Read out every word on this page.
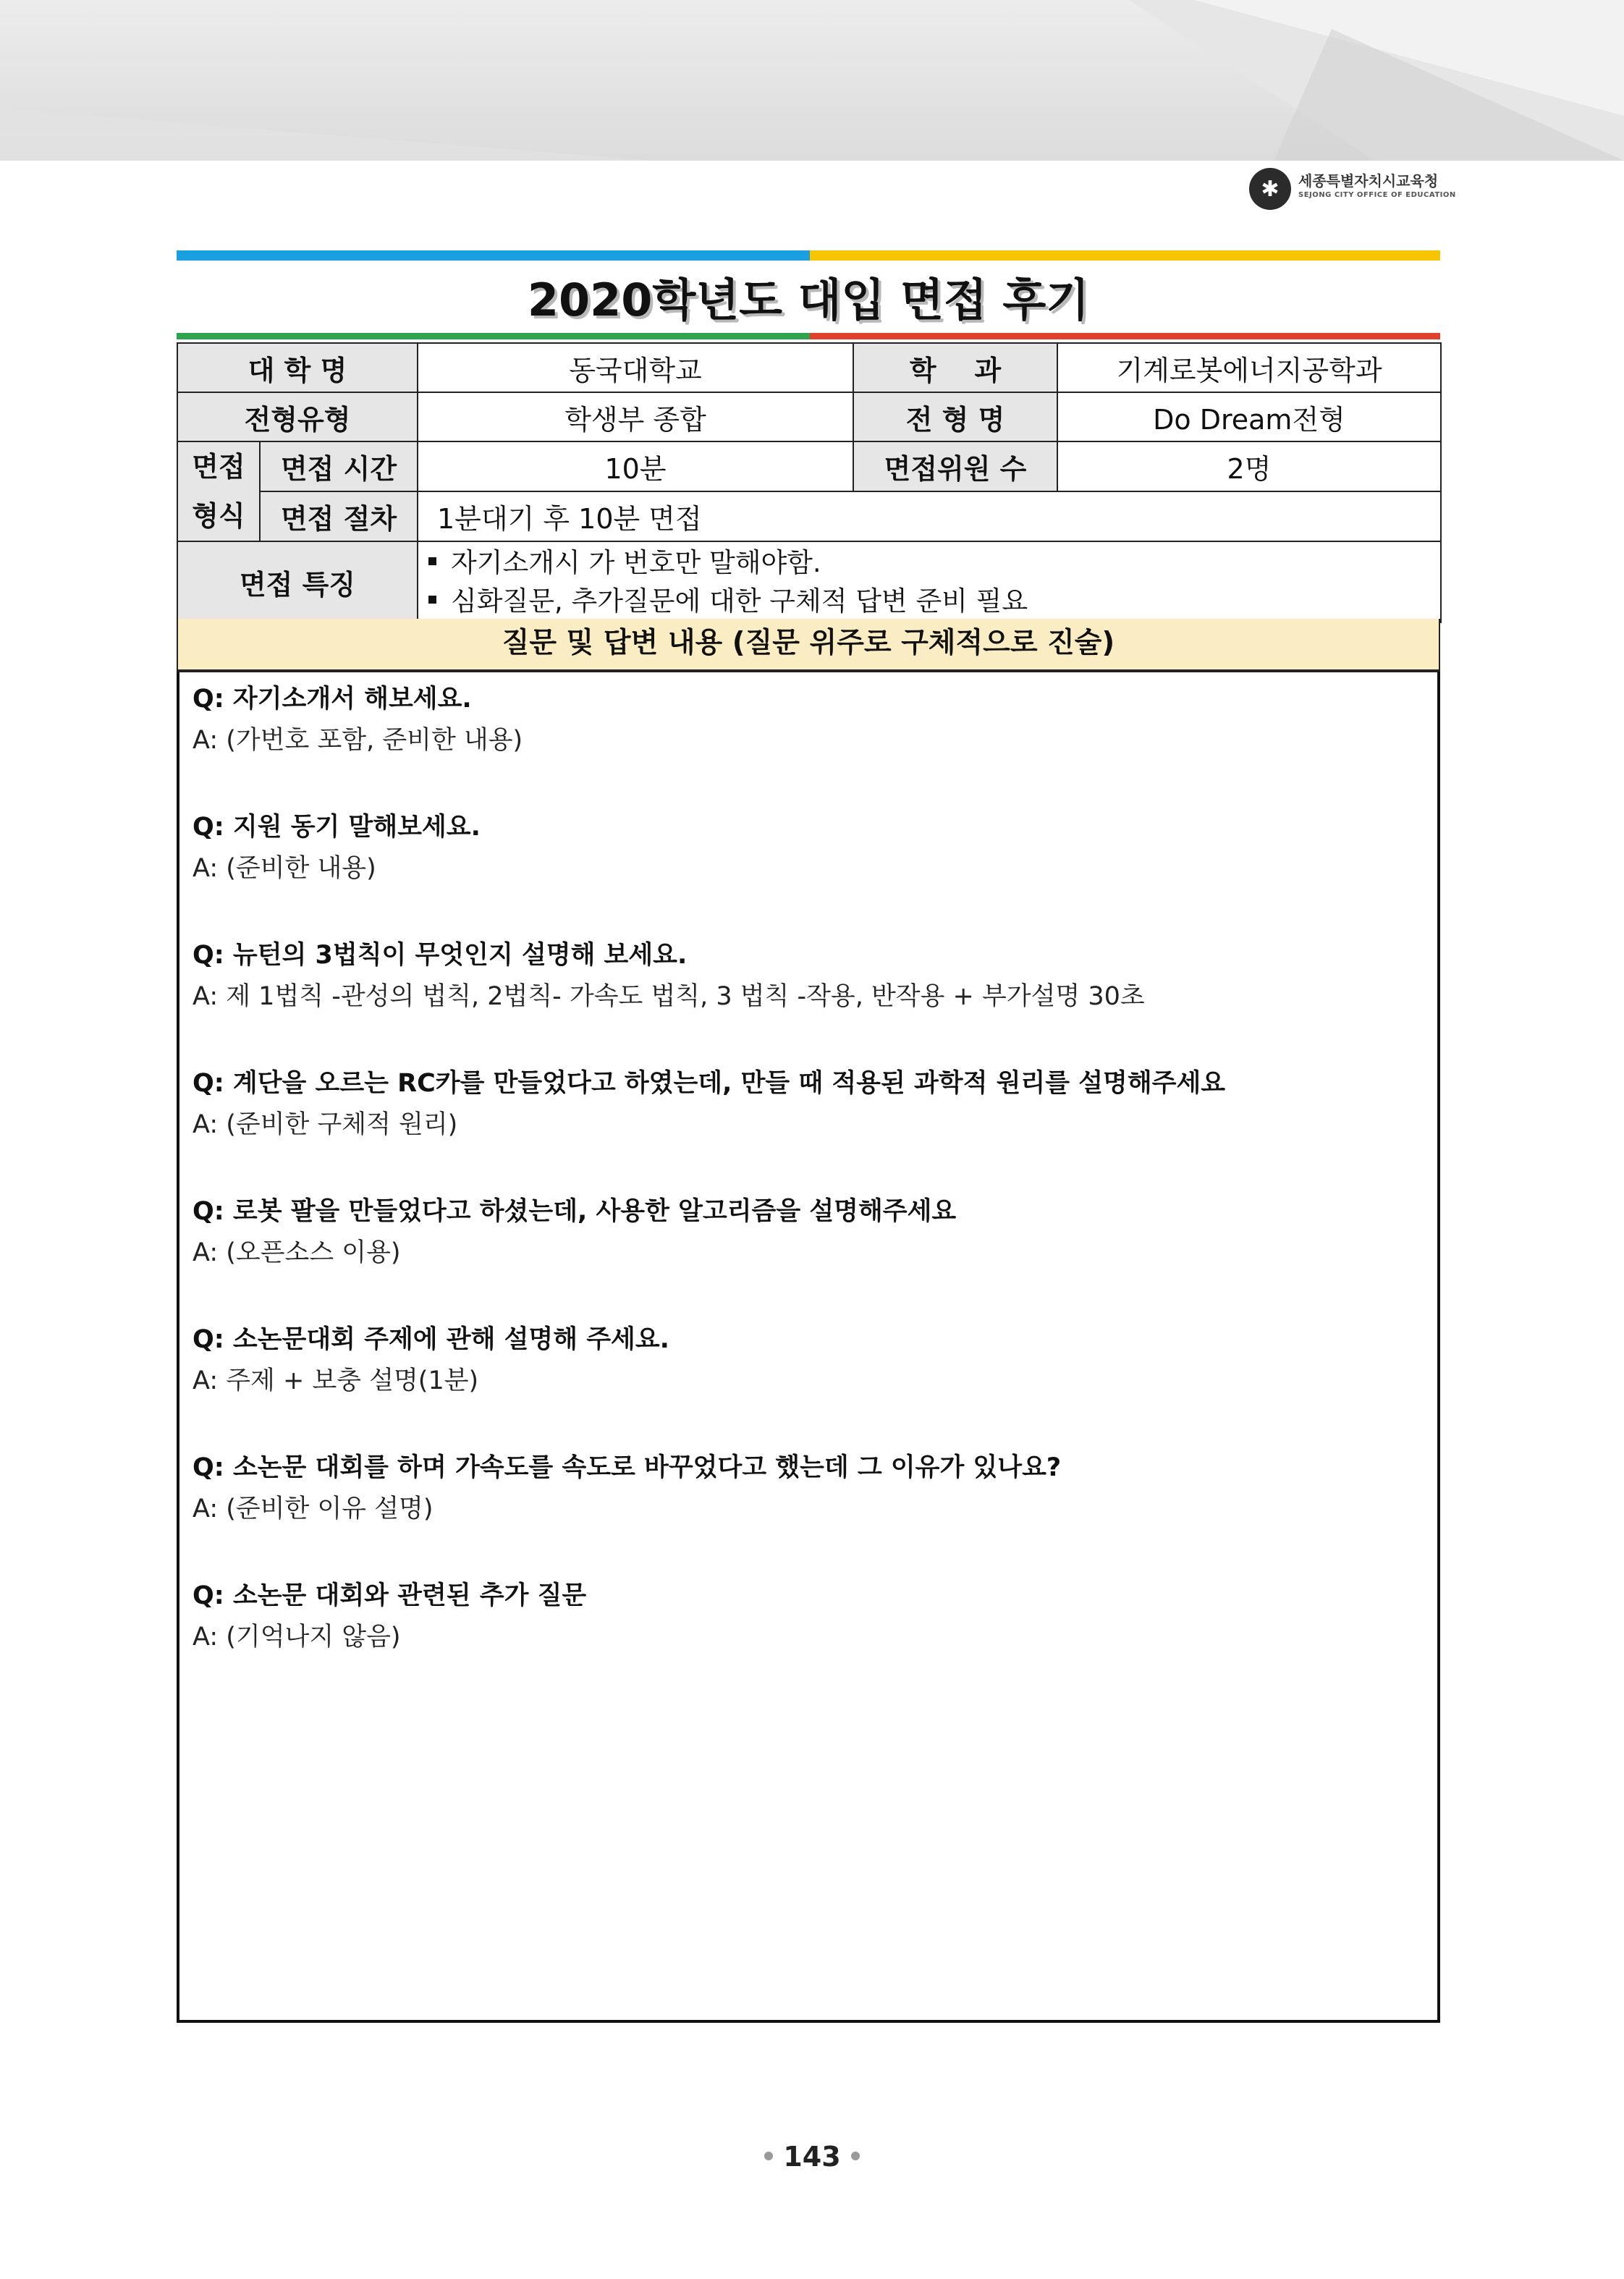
✱	세종특별자치시교육청
SEJONG CITY OFFICE OF EDUCATION
2020학년도 대입 면접 후기
대 학 명		동국대학교	학    과	기계로봇에너지공학과
전형유형		학생부 종합	전 형 명	Do Dream전형

면접
형식	면접 시간	10분	면접위원 수	2명
	면접 절차	1분대기 후 10분 면접		
면접 특징		자기소개시 가 번호만 말해야함.
심화질문, 추가질문에 대한 구체적 답변 준비 필요		
질문 및 답변 내용 (질문 위주로 구체적으로 진술)
Q: 자기소개서 해보세요.
A: (가번호 포함, 준비한 내용)
Q: 지원 동기 말해보세요.
A: (준비한 내용)
Q: 뉴턴의 3법칙이 무엇인지 설명해 보세요.
A: 제 1법칙 -관성의 법칙, 2법칙- 가속도 법칙, 3 법칙 -작용, 반작용 + 부가설명 30초
Q: 계단을 오르는 RC카를 만들었다고 하였는데, 만들 때 적용된 과학적 원리를 설명해주세요
A: (준비한 구체적 원리)
Q: 로봇 팔을 만들었다고 하셨는데, 사용한 알고리즘을 설명해주세요
A: (오픈소스 이용)
Q: 소논문대회 주제에 관해 설명해 주세요.
A: 주제 + 보충 설명(1분)
Q: 소논문 대회를 하며 가속도를 속도로 바꾸었다고 했는데 그 이유가 있나요?
A: (준비한 이유 설명)
Q: 소논문 대회와 관련된 추가 질문
A: (기억나지 않음)
143
